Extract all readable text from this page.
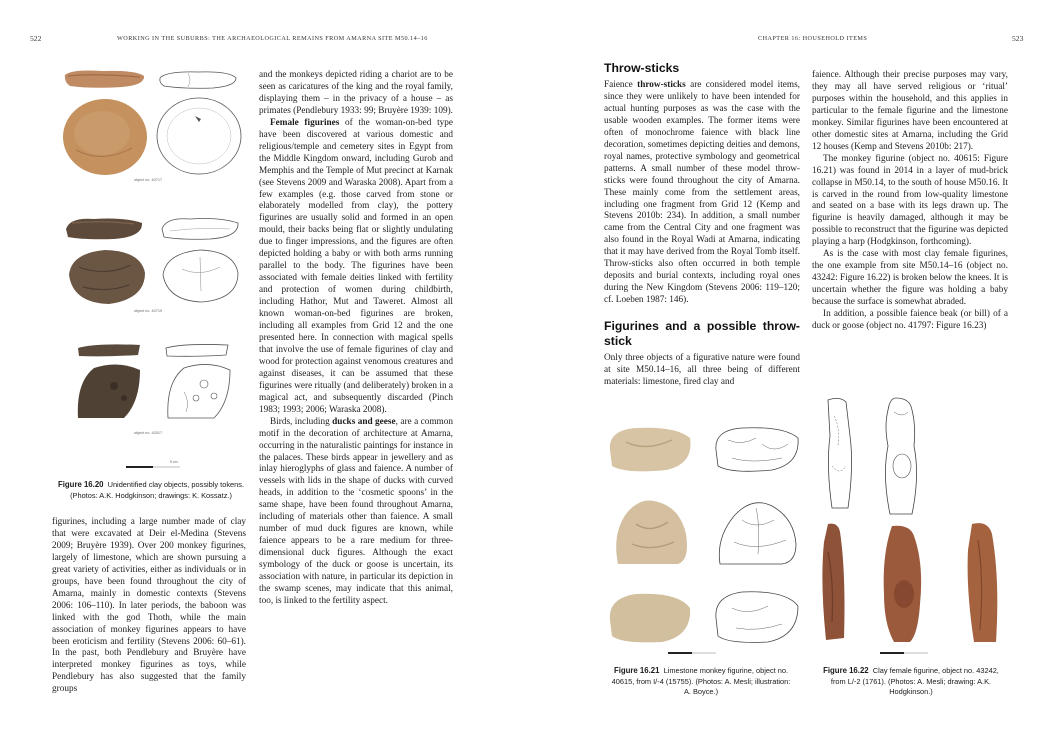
522	WORKING IN THE SUBURBS: THE ARCHAEOLOGICAL REMAINS FROM AMARNA SITE M50.14–16
object no. 40717
object no. 40719
object no. 42017
5 cm
Figure 16.20 Unidentified clay objects, possibly tokens. (Photos: A.K. Hodgkinson; drawings: K. Kossatz.)

figurines, including a large number made of clay that were excavated at Deir el-Medina (Stevens 2009; Bruyère 1939). Over 200 monkey figurines, largely of limestone, which are shown pursuing a great variety of activities, either as individuals or in groups, have been found throughout the city of Amarna, mainly in domestic contexts (Stevens 2006: 106–110). In later periods, the baboon was linked with the god Thoth, while the main association of monkey figurines appears to have been eroticism and fertility (Stevens 2006: 60–61). In the past, both Pendlebury and Bruyère have interpreted monkey figurines as toys, while Pendlebury has also suggested that the family groups

and the monkeys depicted riding a chariot are to be seen as caricatures of the king and the royal family, displaying them – in the privacy of a house – as primates (Pendlebury 1933: 99; Bruyère 1939: 109).

Female figurines of the woman-on-bed type have been discovered at various domestic and religious/temple and cemetery sites in Egypt from the Middle Kingdom onward, including Gurob and Memphis and the Temple of Mut precinct at Karnak (see Stevens 2009 and Waraska 2008). Apart from a few examples (e.g. those carved from stone or elaborately modelled from clay), the pottery figurines are usually solid and formed in an open mould, their backs being flat or slightly undulating due to finger impressions, and the figures are often depicted holding a baby or with both arms running parallel to the body. The figurines have been associated with female deities linked with fertility and protection of women during childbirth, including Hathor, Mut and Taweret. Almost all known woman-on-bed figurines are broken, including all examples from Grid 12 and the one presented here. In connection with magical spells that involve the use of female figurines of clay and wood for protection against venomous creatures and against diseases, it can be assumed that these figurines were ritually (and deliberately) broken in a magical act, and subsequently discarded (Pinch 1983; 1993; 2006; Waraska 2008).

Birds, including ducks and geese, are a common motif in the decoration of architecture at Amarna, occurring in the naturalistic paintings for instance in the palaces. These birds appear in jewellery and as inlay hieroglyphs of glass and faience. A number of vessels with lids in the shape of ducks with curved heads, in addition to the ‘cosmetic spoons’ in the same shape, have been found throughout Amarna, including of materials other than faience. A small number of mud duck figures are known, while faience appears to be a rare medium for three-dimensional duck figures. Although the exact symbology of the duck or goose is uncertain, its association with nature, in particular its depiction in the swamp scenes, may indicate that this animal, too, is linked to the fertility aspect.

CHAPTER 16: HOUSEHOLD ITEMS	523
Throw-sticks

Faience throw-sticks are considered model items, since they were unlikely to have been intended for actual hunting purposes as was the case with the usable wooden examples. The former items were often of monochrome faience with black line decoration, sometimes depicting deities and demons, royal names, protective symbology and geometrical patterns. A small number of these model throw-sticks were found throughout the city of Amarna. These mainly come from the settlement areas, including one fragment from Grid 12 (Kemp and Stevens 2010b: 234). In addition, a small number came from the Central City and one fragment was also found in the Royal Wadi at Amarna, indicating that it may have derived from the Royal Tomb itself. Throw-sticks also often occurred in both temple deposits and burial contexts, including royal ones during the New Kingdom (Stevens 2006: 119–120; cf. Loeben 1987: 146).

Figurines and a possible throw-stick

Only three objects of a figurative nature were found at site M50.14–16, all three being of different materials: limestone, fired clay and

faience. Although their precise purposes may vary, they may all have served religious or ‘ritual’ purposes within the household, and this applies in particular to the female figurine and the limestone monkey. Similar figurines have been encountered at other domestic sites at Amarna, including the Grid 12 houses (Kemp and Stevens 2010b: 217).

The monkey figurine (object no. 40615: Figure 16.21) was found in 2014 in a layer of mud-brick collapse in M50.14, to the south of house M50.16. It is carved in the round from low-quality limestone and seated on a base with its legs drawn up. The figurine is heavily damaged, although it may be possible to reconstruct that the figurine was depicted playing a harp (Hodgkinson, forthcoming).

As is the case with most clay female figurines, the one example from site M50.14–16 (object no. 43242: Figure 16.22) is broken below the knees. It is uncertain whether the figure was holding a baby because the surface is somewhat abraded.

In addition, a possible faience beak (or bill) of a duck or goose (object no. 41797: Figure 16.23)

Figure 16.21 Limestone monkey figurine, object no. 40615, from I/-4 (15755). (Photos: A. Mesli; illustration: A. Boyce.)
Figure 16.22 Clay female figurine, object no. 43242, from L/-2 (1761). (Photos: A. Mesli; drawing: A.K. Hodgkinson.)
